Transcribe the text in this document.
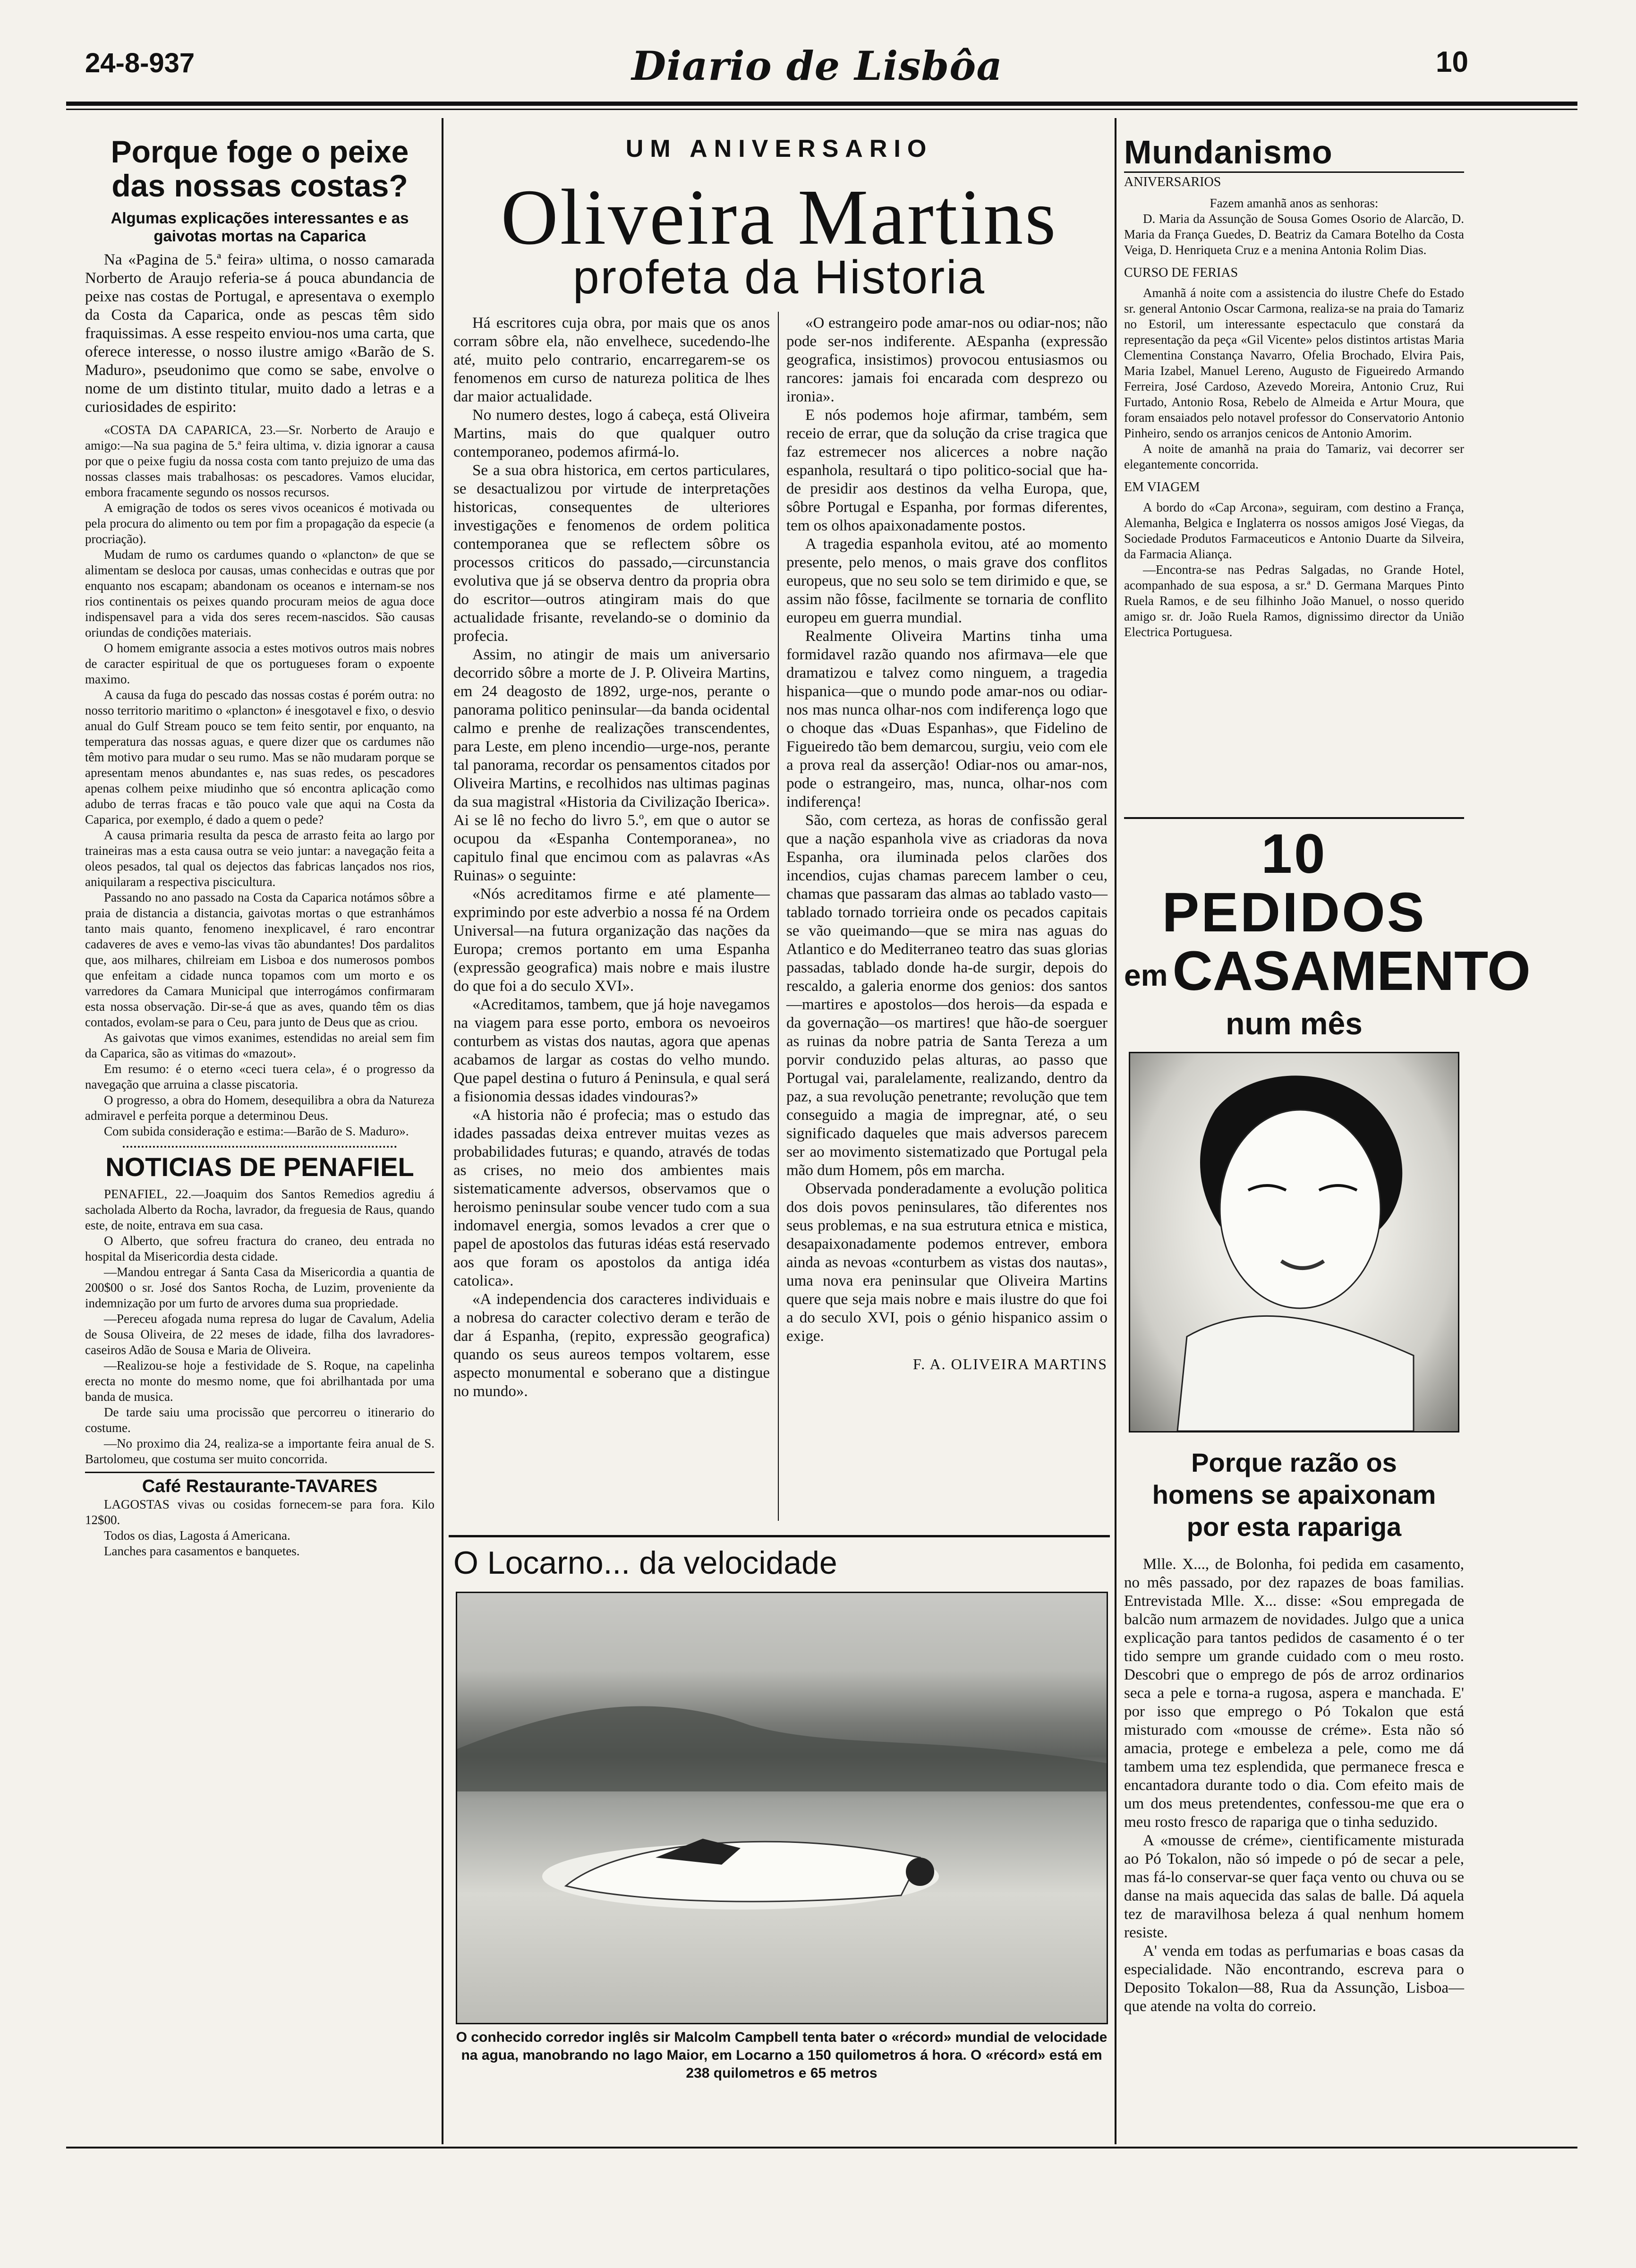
24-8-937	Diario de Lisbôa	10
Porque foge o peixe das nossas costas?
Algumas explicações interessantes e as gaivotas mortas na Caparica

Na «Pagina de 5.ª feira» ultima, o nosso camarada Norberto de Araujo referia-se á pouca abundancia de peixe nas costas de Portugal, e apresentava o exemplo da Costa da Caparica, onde as pescas têm sido fraquissimas. A esse respeito enviou-nos uma carta, que oferece interesse, o nosso ilustre amigo «Barão de S. Maduro», pseudonimo que como se sabe, envolve o nome de um distinto titular, muito dado a letras e a curiosidades de espirito:

«COSTA DA CAPARICA, 23.—Sr. Norberto de Araujo e amigo:—Na sua pagina de 5.ª feira ultima, v. dizia ignorar a causa por que o peixe fugiu da nossa costa com tanto prejuizo de uma das nossas classes mais trabalhosas: os pescadores. Vamos elucidar, embora fracamente segundo os nossos recursos.

A emigração de todos os seres vivos oceanicos é motivada ou pela procura do alimento ou tem por fim a propagação da especie (a procriação).

Mudam de rumo os cardumes quando o «plancton» de que se alimentam se desloca por causas, umas conhecidas e outras que por enquanto nos escapam; abandonam os oceanos e internam-se nos rios continentais os peixes quando procuram meios de agua doce indispensavel para a vida dos seres recem-nascidos. São causas oriundas de condições materiais.

O homem emigrante associa a estes motivos outros mais nobres de caracter espiritual de que os portugueses foram o expoente maximo.

A causa da fuga do pescado das nossas costas é porém outra: no nosso territorio maritimo o «plancton» é inesgotavel e fixo, o desvio anual do Gulf Stream pouco se tem feito sentir, por enquanto, na temperatura das nossas aguas, e quere dizer que os cardumes não têm motivo para mudar o seu rumo. Mas se não mudaram porque se apresentam menos abundantes e, nas suas redes, os pescadores apenas colhem peixe miudinho que só encontra aplicação como adubo de terras fracas e tão pouco vale que aqui na Costa da Caparica, por exemplo, é dado a quem o pede?

A causa primaria resulta da pesca de arrasto feita ao largo por traineiras mas a esta causa outra se veio juntar: a navegação feita a oleos pesados, tal qual os dejectos das fabricas lançados nos rios, aniquilaram a respectiva piscicultura.

Passando no ano passado na Costa da Caparica notámos sôbre a praia de distancia a distancia, gaivotas mortas o que estranhámos tanto mais quanto, fenomeno inexplicavel, é raro encontrar cadaveres de aves e vemo-las vivas tão abundantes! Dos pardalitos que, aos milhares, chilreiam em Lisboa e dos numerosos pombos que enfeitam a cidade nunca topamos com um morto e os varredores da Camara Municipal que interrogámos confirmaram esta nossa observação. Dir-se-á que as aves, quando têm os dias contados, evolam-se para o Ceu, para junto de Deus que as criou.

As gaivotas que vimos exanimes, estendidas no areial sem fim da Caparica, são as vitimas do «mazout».

Em resumo: é o eterno «ceci tuera cela», é o progresso da navegação que arruina a classe piscatoria.

O progresso, a obra do Homem, desequilibra a obra da Natureza admiravel e perfeita porque a determinou Deus.

Com subida consideração e estima:—Barão de S. Maduro».

NOTICIAS DE PENAFIEL

PENAFIEL, 22.—Joaquim dos Santos Remedios agrediu á sacholada Alberto da Rocha, lavrador, da freguesia de Raus, quando este, de noite, entrava em sua casa.

O Alberto, que sofreu fractura do craneo, deu entrada no hospital da Misericordia desta cidade.

—Mandou entregar á Santa Casa da Misericordia a quantia de 200$00 o sr. José dos Santos Rocha, de Luzim, proveniente da indemnização por um furto de arvores duma sua propriedade.

—Pereceu afogada numa represa do lugar de Cavalum, Adelia de Sousa Oliveira, de 22 meses de idade, filha dos lavradores-caseiros Adão de Sousa e Maria de Oliveira.

—Realizou-se hoje a festividade de S. Roque, na capelinha erecta no monte do mesmo nome, que foi abrilhantada por uma banda de musica.

De tarde saiu uma procissão que percorreu o itinerario do costume.

—No proximo dia 24, realiza-se a importante feira anual de S. Bartolomeu, que costuma ser muito concorrida.

Café Restaurante-TAVARES

LAGOSTAS vivas ou cosidas fornecem-se para fora. Kilo 12$00.

Todos os dias, Lagosta á Americana.

Lanches para casamentos e banquetes.

UM ANIVERSARIO
Oliveira Martins
profeta da Historia

Há escritores cuja obra, por mais que os anos corram sôbre ela, não envelhece, sucedendo-lhe até, muito pelo contrario, encarregarem-se os fenomenos em curso de natureza politica de lhes dar maior actualidade.

No numero destes, logo á cabeça, está Oliveira Martins, mais do que qualquer outro contemporaneo, podemos afirmá-lo.

Se a sua obra historica, em certos particulares, se desactualizou por virtude de interpretações historicas, consequentes de ulteriores investigações e fenomenos de ordem politica contemporanea que se reflectem sôbre os processos criticos do passado,—circunstancia evolutiva que já se observa dentro da propria obra do escritor—outros atingiram mais do que actualidade frisante, revelando-se o dominio da profecia.

Assim, no atingir de mais um aniversario decorrido sôbre a morte de J. P. Oliveira Martins, em 24 deagosto de 1892, urge-nos, perante o panorama politico peninsular—da banda ocidental calmo e prenhe de realizações transcendentes, para Leste, em pleno incendio—urge-nos, perante tal panorama, recordar os pensamentos citados por Oliveira Martins, e recolhidos nas ultimas paginas da sua magistral «Historia da Civilização Iberica». Ai se lê no fecho do livro 5.º, em que o autor se ocupou da «Espanha Contemporanea», no capitulo final que encimou com as palavras «As Ruinas» o seguinte:

«Nós acreditamos firme e até plamente—exprimindo por este adverbio a nossa fé na Ordem Universal—na futura organização das nações da Europa; cremos portanto em uma Espanha (expressão geografica) mais nobre e mais ilustre do que foi a do seculo XVI».

«Acreditamos, tambem, que já hoje navegamos na viagem para esse porto, embora os nevoeiros conturbem as vistas dos nautas, agora que apenas acabamos de largar as costas do velho mundo. Que papel destina o futuro á Peninsula, e qual será a fisionomia dessas idades vindouras?»

«A historia não é profecia; mas o estudo das idades passadas deixa entrever muitas vezes as probabilidades futuras; e quando, através de todas as crises, no meio dos ambientes mais sistematicamente adversos, observamos que o heroismo peninsular soube vencer tudo com a sua indomavel energia, somos levados a crer que o papel de apostolos das futuras idéas está reservado aos que foram os apostolos da antiga idéa catolica».

«A independencia dos caracteres individuais e a nobresa do caracter colectivo deram e terão de dar á Espanha, (repito, expressão geografica) quando os seus aureos tempos voltarem, esse aspecto monumental e soberano que a distingue no mundo».

«O estrangeiro pode amar-nos ou odiar-nos; não pode ser-nos indiferente. AEspanha (expressão geografica, insistimos) provocou entusiasmos ou rancores: jamais foi encarada com desprezo ou ironia».

E nós podemos hoje afirmar, também, sem receio de errar, que da solução da crise tragica que faz estremecer nos alicerces a nobre nação espanhola, resultará o tipo politico-social que ha-de presidir aos destinos da velha Europa, que, sôbre Portugal e Espanha, por formas diferentes, tem os olhos apaixonadamente postos.

A tragedia espanhola evitou, até ao momento presente, pelo menos, o mais grave dos conflitos europeus, que no seu solo se tem dirimido e que, se assim não fôsse, facilmente se tornaria de conflito europeu em guerra mundial.

Realmente Oliveira Martins tinha uma formidavel razão quando nos afirmava—ele que dramatizou e talvez como ninguem, a tragedia hispanica—que o mundo pode amar-nos ou odiar-nos mas nunca olhar-nos com indiferença logo que o choque das «Duas Espanhas», que Fidelino de Figueiredo tão bem demarcou, surgiu, veio com ele a prova real da asserção! Odiar-nos ou amar-nos, pode o estrangeiro, mas, nunca, olhar-nos com indiferença!

São, com certeza, as horas de confissão geral que a nação espanhola vive as criadoras da nova Espanha, ora iluminada pelos clarões dos incendios, cujas chamas parecem lamber o ceu, chamas que passaram das almas ao tablado vasto—tablado tornado torrieira onde os pecados capitais se vão queimando—que se mira nas aguas do Atlantico e do Mediterraneo teatro das suas glorias passadas, tablado donde ha-de surgir, depois do rescaldo, a galeria enorme dos genios: dos santos—martires e apostolos—dos herois—da espada e da governação—os martires! que hão-de soerguer as ruinas da nobre patria de Santa Tereza a um porvir conduzido pelas alturas, ao passo que Portugal vai, paralelamente, realizando, dentro da paz, a sua revolução penetrante; revolução que tem conseguido a magia de impregnar, até, o seu significado daqueles que mais adversos parecem ser ao movimento sistematizado que Portugal pela mão dum Homem, pôs em marcha.

Observada ponderadamente a evolução politica dos dois povos peninsulares, tão diferentes nos seus problemas, e na sua estrutura etnica e mistica, desapaixonadamente podemos entrever, embora ainda as nevoas «conturbem as vistas dos nautas», uma nova era peninsular que Oliveira Martins quere que seja mais nobre e mais ilustre do que foi a do seculo XVI, pois o génio hispanico assim o exige.

F. A. OLIVEIRA MARTINS
O Locarno... da velocidade
O conhecido corredor inglês sir Malcolm Campbell tenta bater o «récord» mundial de velocidade na agua, manobrando no lago Maior, em Locarno a 150 quilometros á hora. O «récord» está em 238 quilometros e 65 metros
Mundanismo
ANIVERSARIOS

Fazem amanhã anos as senhoras:

D. Maria da Assunção de Sousa Gomes Osorio de Alarcão, D. Maria da França Guedes, D. Beatriz da Camara Botelho da Costa Veiga, D. Henriqueta Cruz e a menina Antonia Rolim Dias.

CURSO DE FERIAS

Amanhã á noite com a assistencia do ilustre Chefe do Estado sr. general Antonio Oscar Carmona, realiza-se na praia do Tamariz no Estoril, um interessante espectaculo que constará da representação da peça «Gil Vicente» pelos distintos artistas Maria Clementina Constança Navarro, Ofelia Brochado, Elvira Pais, Maria Izabel, Manuel Lereno, Augusto de Figueiredo Armando Ferreira, José Cardoso, Azevedo Moreira, Antonio Cruz, Rui Furtado, Antonio Rosa, Rebelo de Almeida e Artur Moura, que foram ensaiados pelo notavel professor do Conservatorio Antonio Pinheiro, sendo os arranjos cenicos de Antonio Amorim.

A noite de amanhã na praia do Tamariz, vai decorrer ser elegantemente concorrida.

EM VIAGEM

A bordo do «Cap Arcona», seguiram, com destino a França, Alemanha, Belgica e Inglaterra os nossos amigos José Viegas, da Sociedade Produtos Farmaceuticos e Antonio Duarte da Silveira, da Farmacia Aliança.

—Encontra-se nas Pedras Salgadas, no Grande Hotel, acompanhado de sua esposa, a sr.ª D. Germana Marques Pinto Ruela Ramos, e de seu filhinho João Manuel, o nosso querido amigo sr. dr. João Ruela Ramos, dignissimo director da União Electrica Portuguesa.

10 PEDIDOS
emCASAMENTO
num mês
Porque razão os homens se apaixonam por esta rapariga

Mlle. X..., de Bolonha, foi pedida em casamento, no mês passado, por dez rapazes de boas familias. Entrevistada Mlle. X... disse: «Sou empregada de balcão num armazem de novidades. Julgo que a unica explicação para tantos pedidos de casamento é o ter tido sempre um grande cuidado com o meu rosto. Descobri que o emprego de pós de arroz ordinarios seca a pele e torna-a rugosa, aspera e manchada. E' por isso que emprego o Pó Tokalon que está misturado com «mousse de créme». Esta não só amacia, protege e embeleza a pele, como me dá tambem uma tez esplendida, que permanece fresca e encantadora durante todo o dia. Com efeito mais de um dos meus pretendentes, confessou-me que era o meu rosto fresco de rapariga que o tinha seduzido.

A «mousse de créme», cientificamente misturada ao Pó Tokalon, não só impede o pó de secar a pele, mas fá-lo conservar-se quer faça vento ou chuva ou se danse na mais aquecida das salas de balle. Dá aquela tez de maravilhosa beleza á qual nenhum homem resiste.

A' venda em todas as perfumarias e boas casas da especialidade. Não encontrando, escreva para o Deposito Tokalon—88, Rua da Assunção, Lisboa—que atende na volta do correio.
